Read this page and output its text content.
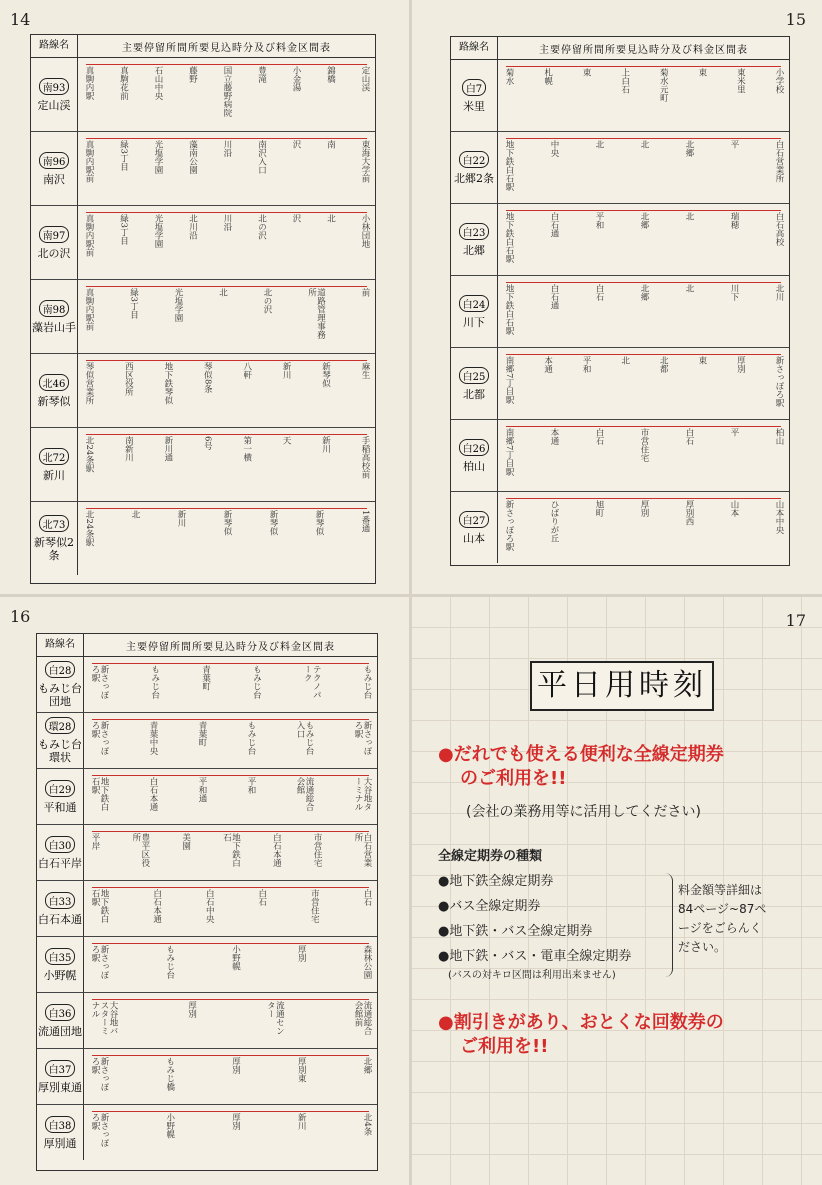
14
路線名	主要停留所間所要見込時分及び料金区間表
南93
定山渓
真駒内駅	真駒花前	石山中央	藤野	国立藤野病院	豊滝	小金湯	錦橋	定山渓
南96
南沢 真駒内駅前	緑3丁目	光塩学園	藻南公園	川沿	南沢入口	沢	南	東海大学前
南97
北の沢 真駒内駅前	緑3丁目	光塩学園	北川沿	川沿	北の沢	沢	北	小林団地
南98
藻岩山手 真駒内駅前	緑3丁目	光塩学園	北	北の沢	道路管理事務所	前
北46
新琴似 琴似営業所	西区役所	地下鉄琴似	琴似8条	八軒	新川	新琴似	麻生
北72
新川
北24条駅	南新川	新川通	6号	第一横	天	新川	手稲高校前
北73
新琴似2条
北24条駅	北	新川	新琴似	新琴似	新琴似	1番通
15
路線名	主要停留所間所要見込時分及び料金区間表
白7
米里
菊水	札幌	東	上白石	菊水元町	東	東米里	小学校
白22
北郷2条 地下鉄白石駅	中央	北	北	北郷	平	白石営業所
白23
北郷 地下鉄白石駅	白石通	平和	北郷	北	瑞穂	白石高校
白24
川下 地下鉄白石駅	白石通	白石	北郷	北	川下	北川
白25
北都 南郷7丁目駅	本通	平和	北	北都	東	厚別	新さっぽろ駅
白26
柏山 南郷7丁目駅	本通	白石	市営住宅	白石	平	柏山
白27
山本 新さっぽろ駅	ひばりが丘	旭町	厚別	厚別西	山本	山本中央
16
路線名	主要停留所間所要見込時分及び料金区間表
白28
もみじ台団地
新さっぽろ駅	もみじ台	青葉町	もみじ台	テクノパーク	もみじ台
環28
もみじ台環状
新さっぽろ駅	青葉中央	青葉町	もみじ台	もみじ台入口	新さっぽろ駅
白29
平和通	地下鉄白石駅	白石本通	平和通	平和	流通総合会館	大谷地ターミナル
白30
白石平岸
平岸	豊平区役所	美園	地下鉄白石	白石本通	市営住宅	白石営業所
白33
白石本通	地下鉄白石駅	白石本通	白石中央	白石	市営住宅	白石
白35
小野幌	新さっぽろ駅	もみじ台	小野幌	厚別	森林公園
白36
流通団地	大谷地バスターミナル	厚別	流通センター	流通総合会館前
白37
厚別東通	新さっぽろ駅	もみじ橋	厚別	厚別東	北郷
白38
厚別通	新さっぽろ駅	小野幌	厚別	新川	北4条
17
平日用時刻
●だれでも使える便利な全線定期券
のご利用を!!
(会社の業務用等に活用してください)
全線定期券の種類
●地下鉄全線定期券
●バス全線定期券
●地下鉄・バス全線定期券
●地下鉄・バス・電車全線定期券
(バスの対キロ区間は利用出来ません)
料金額等詳細は
84ページ~87ペ
ージをごらんく
ださい。
●割引きがあり、おとくな回数券の
ご利用を!!
